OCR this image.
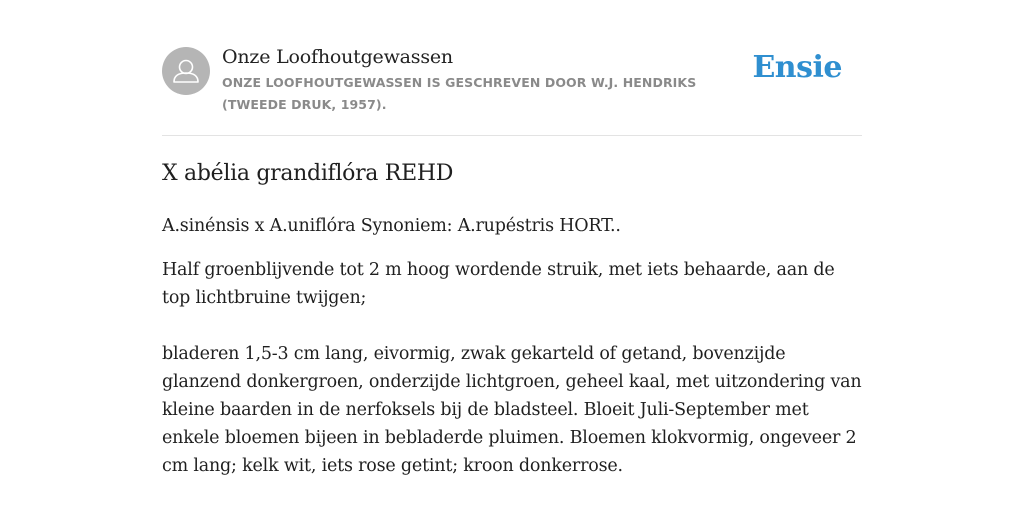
Onze Loofhoutgewassen

ONZE LOOFHOUTGEWASSEN IS GESCHREVEN DOOR W.J. HENDRIKS (TWEEDE DRUK, 1957).

Ensie
X abélia grandiflóra REHD

A.sinénsis x A.uniflóra Synoniem: A.rupéstris HORT..

Half groenblijvende tot 2 m hoog wordende struik, met iets behaarde, aan de top lichtbruine twijgen;

bladeren 1,5-3 cm lang, eivormig, zwak gekarteld of getand, bovenzijde glanzend donkergroen, onderzijde lichtgroen, geheel kaal, met uitzondering van kleine baarden in de nerfoksels bij de bladsteel. Bloeit Juli-September met enkele bloemen bijeen in bebladerde pluimen. Bloemen klokvormig, ongeveer 2 cm lang; kelk wit, iets rose getint; kroon donkerrose.
